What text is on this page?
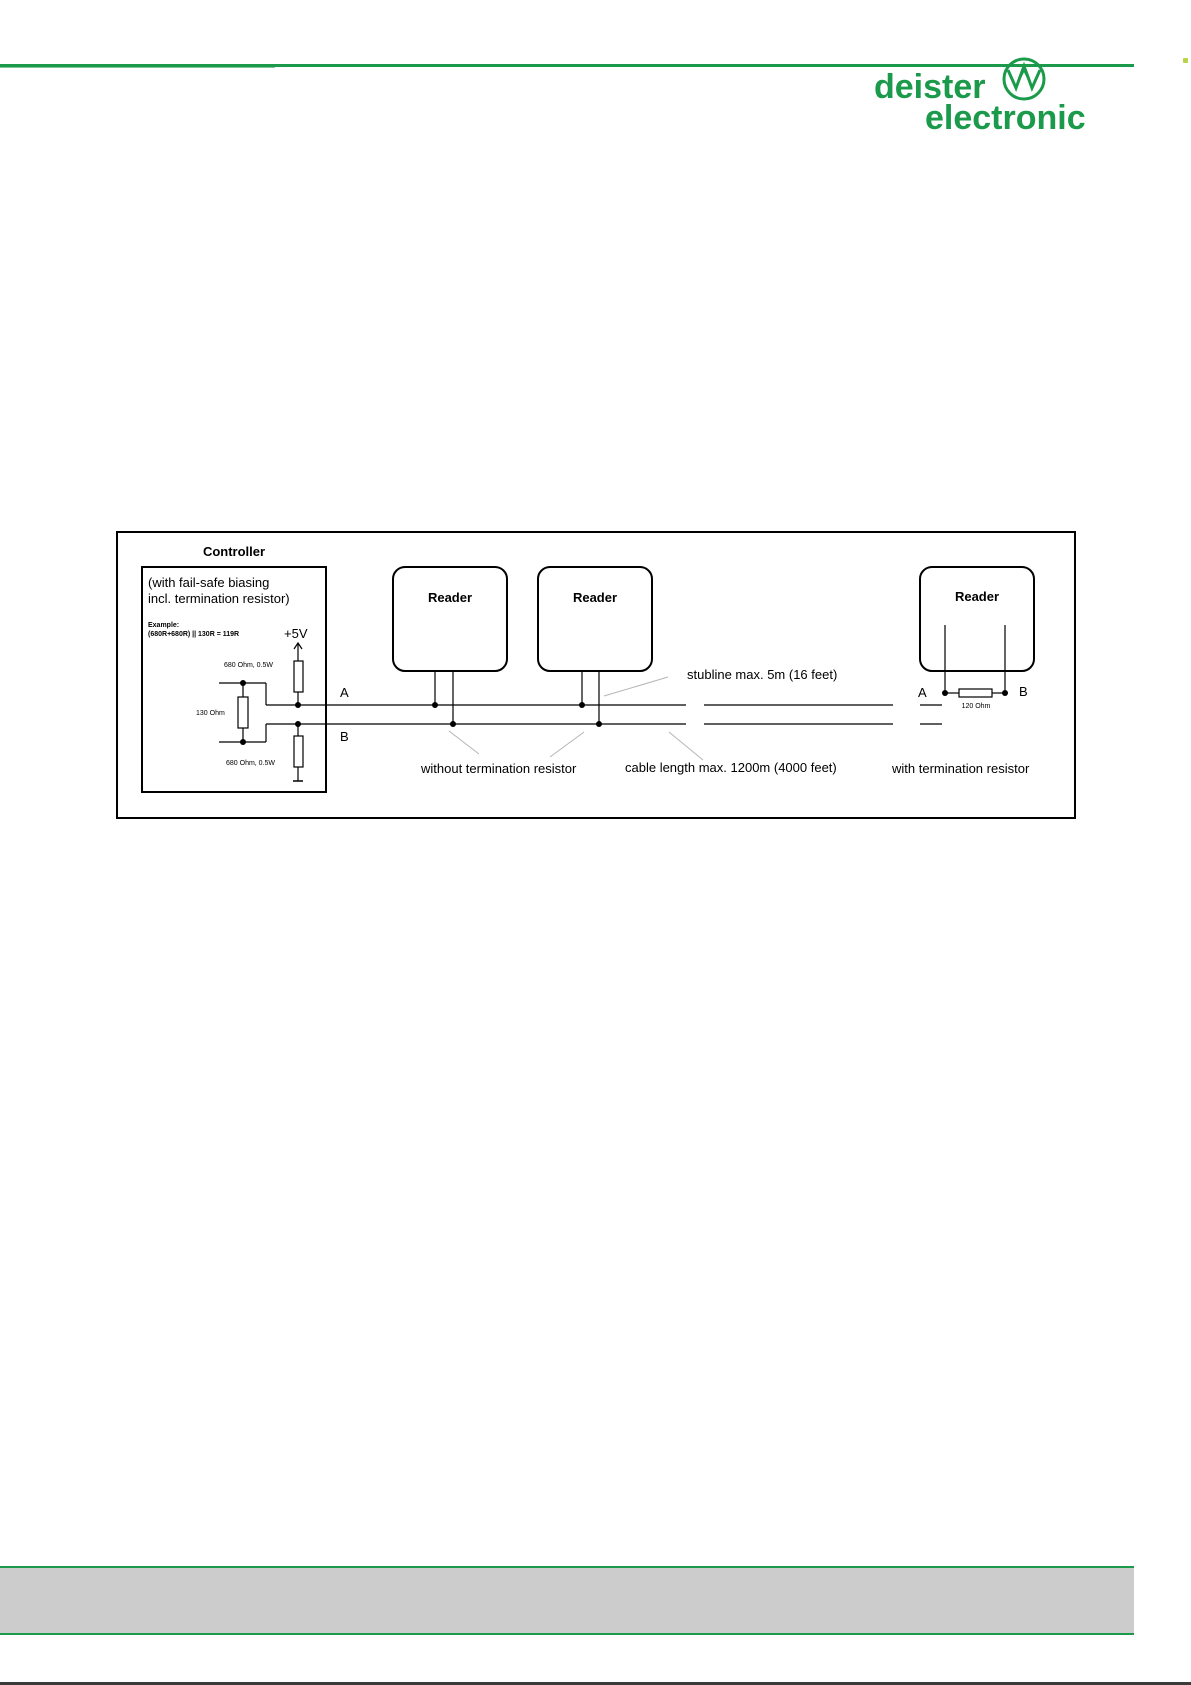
deister
electronic
Controller
(with fail-safe biasing
incl. termination resistor)
Example:
(680R+680R) || 130R = 119R	+5V
680 Ohm, 0.5W
130 Ohm
680 Ohm, 0.5W
A
B
Reader	Reader	Reader
120 Ohm
A	B
stubline max. 5m (16 feet)
without termination resistor	cable length max. 1200m (4000 feet)	with termination resistor
